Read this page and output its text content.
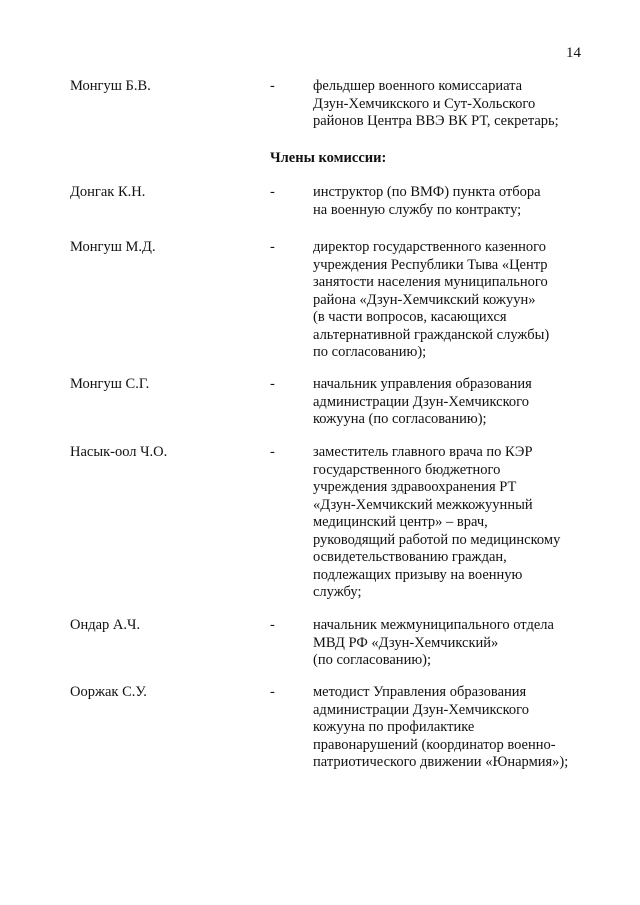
14
Монгуш Б.В.	-	фельдшер военного комиссариата
Дзун-Хемчикского и Сут-Хольского
районов Центра ВВЭ ВК РТ, секретарь;
Члены комиссии:
Донгак К.Н.	-	инструктор (по ВМФ) пункта отбора
на военную службу по контракту;
Монгуш М.Д.	-	директор государственного казенного
учреждения Республики Тыва «Центр
занятости населения муниципального
района «Дзун-Хемчикский кожуун»
(в части вопросов, касающихся
альтернативной гражданской службы)
по согласованию);
Монгуш С.Г.	-	начальник управления образования
администрации Дзун-Хемчикского
кожууна (по согласованию);
Насык-оол Ч.О.	-	заместитель главного врача по КЭР
государственного бюджетного
учреждения здравоохранения РТ
«Дзун-Хемчикский межкожуунный
медицинский центр» – врач,
руководящий работой по медицинскому
освидетельствованию граждан,
подлежащих призыву на военную
службу;
Ондар А.Ч.	-	начальник межмуниципального отдела
МВД РФ «Дзун-Хемчикский»
(по согласованию);
Ооржак С.У.	-	методист Управления образования
администрации Дзун-Хемчикского
кожууна по профилактике
правонарушений (координатор военно-
патриотического движении «Юнармия»);
